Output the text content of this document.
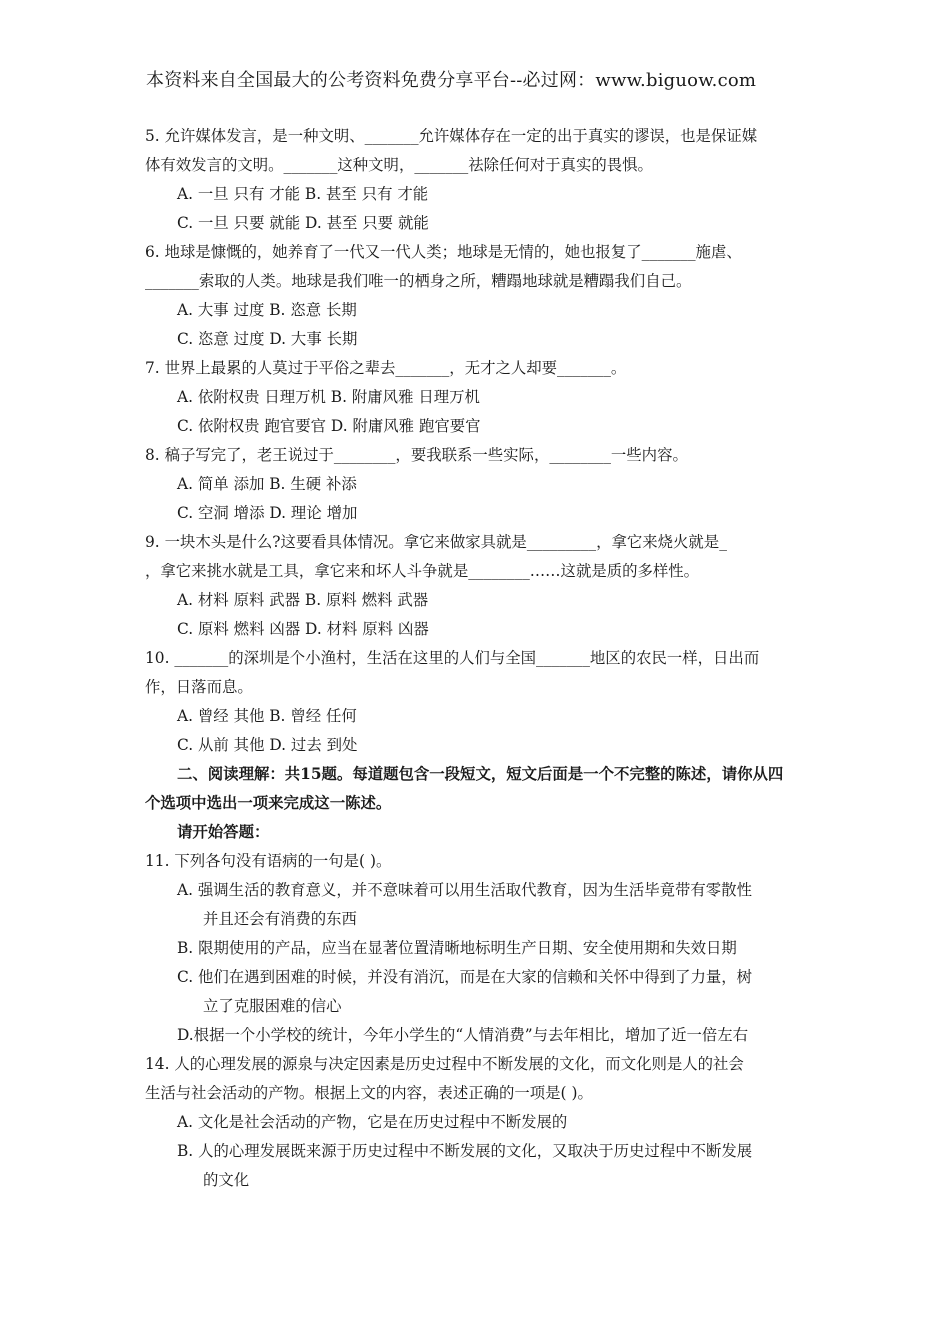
本资料来自全国最大的公考资料免费分享平台--必过网：www.biguow.com
5. 允许媒体发言，是一种文明、_______允许媒体存在一定的出于真实的谬误，也是保证媒
体有效发言的文明。_______这种文明，_______祛除任何对于真实的畏惧。
A. 一旦 只有 才能 B. 甚至 只有 才能
C. 一旦 只要 就能 D. 甚至 只要 就能
6. 地球是慷慨的，她养育了一代又一代人类；地球是无情的，她也报复了_______施虐、
_______索取的人类。地球是我们唯一的栖身之所，糟蹋地球就是糟蹋我们自己。
A. 大事 过度 B. 恣意 长期
C. 恣意 过度 D. 大事 长期
7. 世界上最累的人莫过于平俗之辈去_______，无才之人却要_______。
A. 依附权贵 日理万机 B. 附庸风雅 日理万机
C. 依附权贵 跑官要官 D. 附庸风雅 跑官要官
8. 稿子写完了，老王说过于________，要我联系一些实际，________一些内容。
A. 简单 添加 B. 生硬 补添
C. 空洞 增添 D. 理论 增加
9. 一块木头是什么?这要看具体情况。拿它来做家具就是_________，拿它来烧火就是_
，拿它来挑水就是工具，拿它来和坏人斗争就是________……这就是质的多样性。
A. 材料 原料 武器 B. 原料 燃料 武器
C. 原料 燃料 凶器 D. 材料 原料 凶器
10. _______的深圳是个小渔村，生活在这里的人们与全国_______地区的农民一样，日出而
作，日落而息。
A. 曾经 其他 B. 曾经 任何
C. 从前 其他 D. 过去 到处
二、阅读理解：共15题。每道题包含一段短文，短文后面是一个不完整的陈述，请你从四
个选项中选出一项来完成这一陈述。
请开始答题：
11. 下列各句没有语病的一句是( )。
A. 强调生活的教育意义，并不意味着可以用生活取代教育，因为生活毕竟带有零散性
并且还会有消费的东西
B. 限期使用的产品，应当在显著位置清晰地标明生产日期、安全使用期和失效日期
C. 他们在遇到困难的时候，并没有消沉，而是在大家的信赖和关怀中得到了力量，树
立了克服困难的信心
D.根据一个小学校的统计，今年小学生的“人情消费”与去年相比，增加了近一倍左右
14. 人的心理发展的源泉与决定因素是历史过程中不断发展的文化，而文化则是人的社会
生活与社会活动的产物。根据上文的内容，表述正确的一项是( )。
A. 文化是社会活动的产物，它是在历史过程中不断发展的
B. 人的心理发展既来源于历史过程中不断发展的文化，又取决于历史过程中不断发展
的文化
